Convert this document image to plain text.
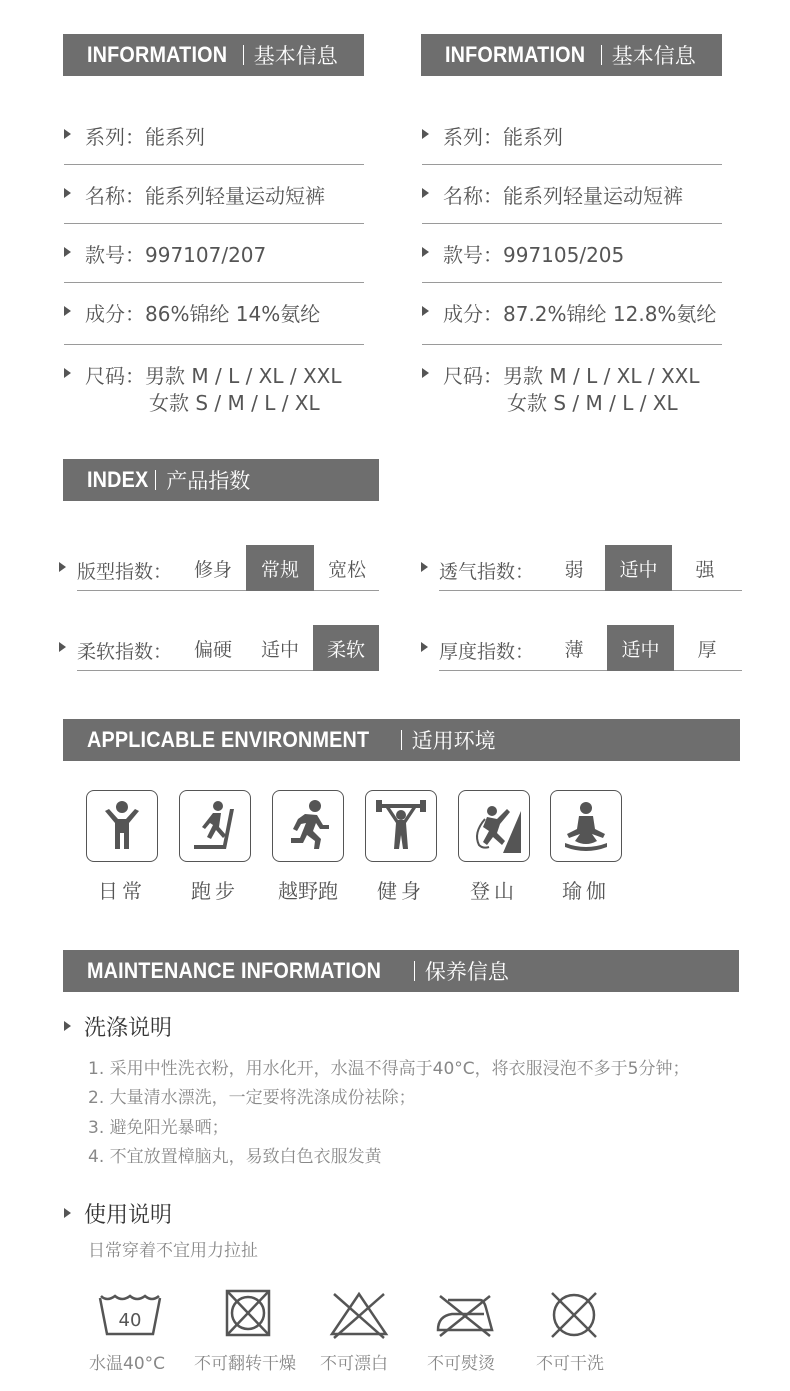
INFORMATION 基本信息	INFORMATION 基本信息
系列：能系列
名称：能系列轻量运动短裤
款号：997107/207
成分：86%锦纶 14%氨纶
尺码：男款 M / L / XL / XXL
女款 S / M / L / XL
系列：能系列
名称：能系列轻量运动短裤
款号：997105/205
成分：87.2%锦纶 12.8%氨纶
尺码：男款 M / L / XL / XXL
女款 S / M / L / XL
INDEX 产品指数
版型指数：	修身	常规	宽松	透气指数：	弱	适中	强
柔软指数：	偏硬	适中	柔软	厚度指数：	薄	适中	厚
APPLICABLE ENVIRONMENT 适用环境
日常	跑步	越野跑	健身	登山	瑜伽
MAINTENANCE INFORMATION 保养信息
洗涤说明
1. 采用中性洗衣粉，用水化开，水温不得高于40°C，将衣服浸泡不多于5分钟；
2. 大量清水漂洗，一定要将洗涤成份祛除；
3. 避免阳光暴晒；
4. 不宜放置樟脑丸，易致白色衣服发黄
使用说明
日常穿着不宜用力拉扯
40
水温40°C 不可翻转干燥 不可漂白 不可熨烫 不可干洗
